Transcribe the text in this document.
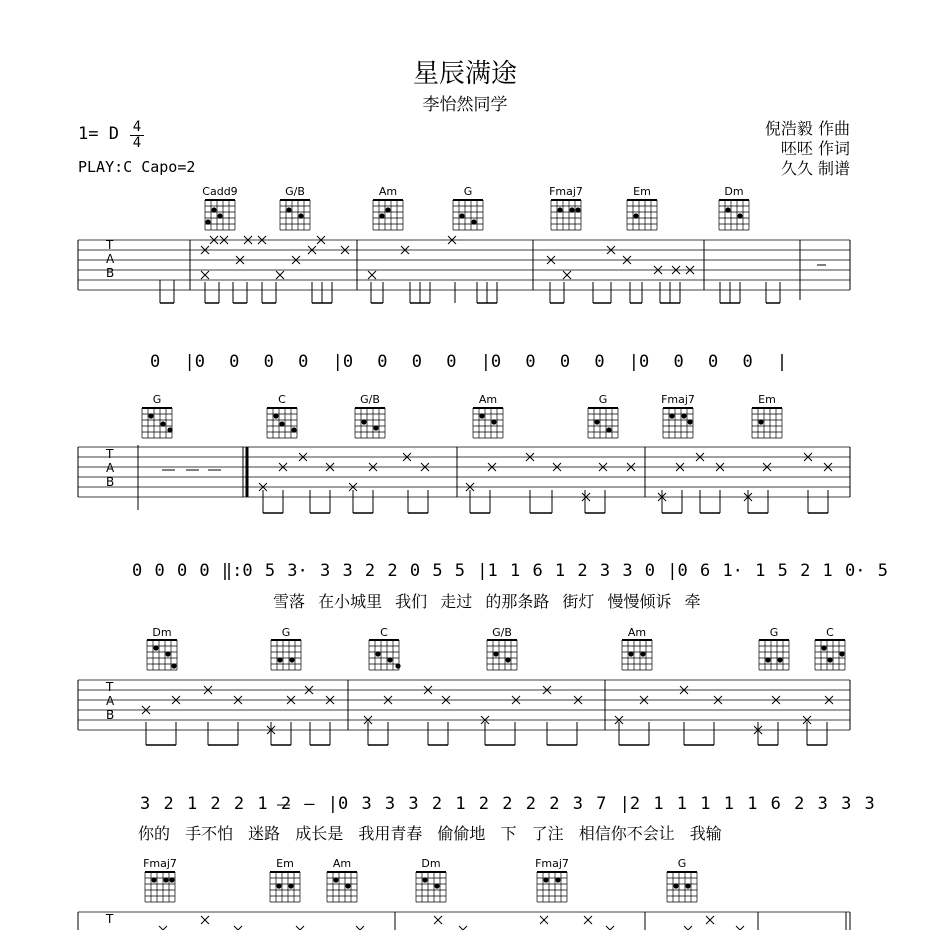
星辰满途
李怡然同学
1= D 4
4
PLAY:C Capo=2
倪浩毅 作曲
呸呸 作词
久久 制谱
Cadd9	G/B	Am	G	Fmaj7	Em	Dm
G	C	G/B	Am	G	Fmaj7	Em
Dm	G	C	G/B	Am	G	C
Fmaj7	Em	Am	Dm	Fmaj7	G
0 |0 0 0 0 |0 0 0 0 |0 0 0 0 |0 0 0 0 |
0 0 0 0 ‖:0 5 3· 3 3 2 2 0 5 5 |1 1 6 1 2 3 3 0 |0 6 1· 1 5 2 1 0· 5
雪落 在小城里 我们 走过 的那条路 街灯 慢慢倾诉 牵
3 2 1 2 2 1 2 – |0 3 3 3 2 1 2 2 2 2 3 7 |2 1 1 1 1 1 6 2 3 3 3
你的 手不怕 迷路 成长是 我用青春 偷偷地 下 了注 相信你不会让 我输
T
A
B
T
A
B
T
A
B
T
